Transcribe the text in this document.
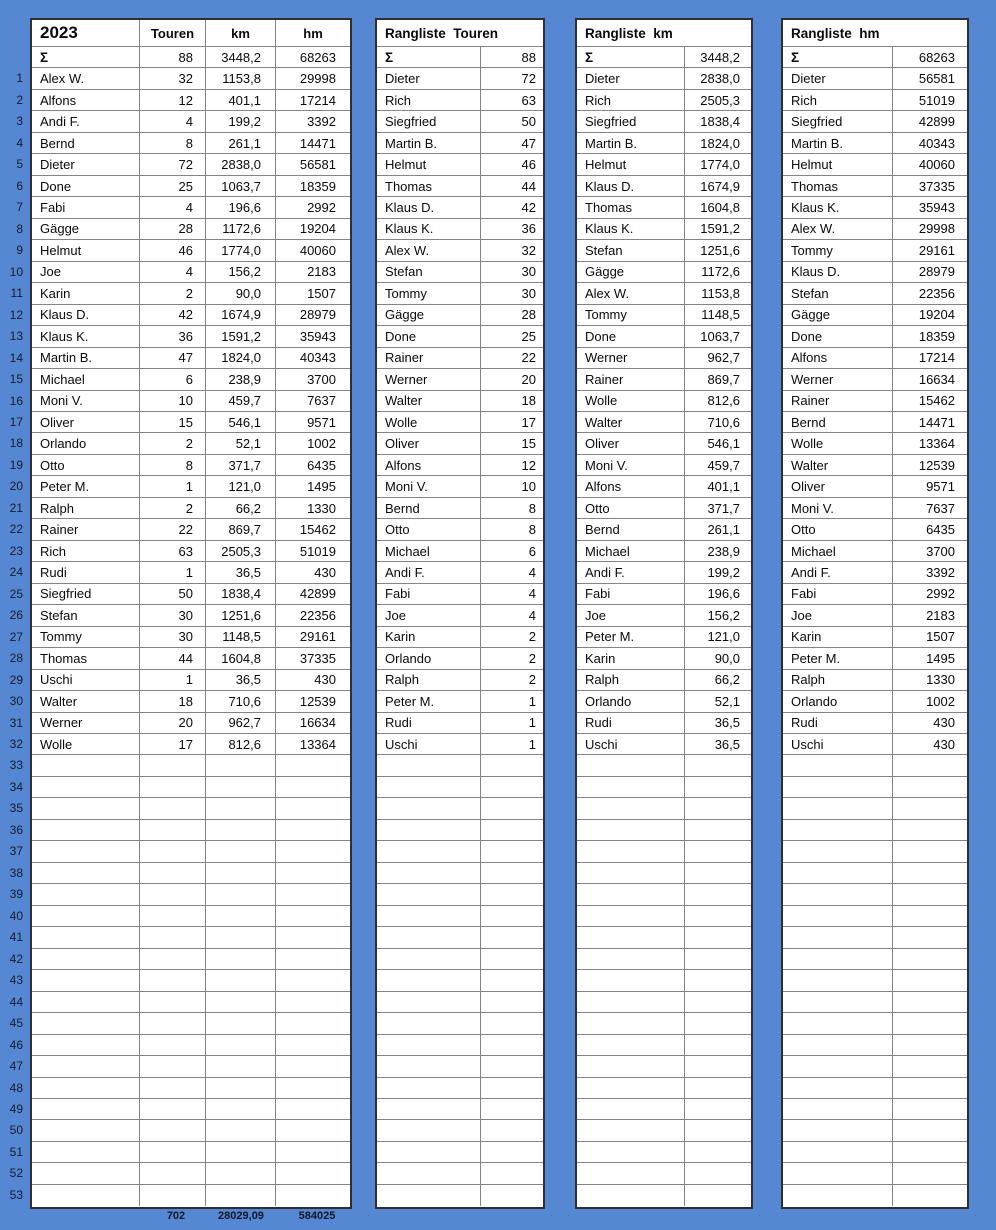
1
2
3
4
5
6
7
8
9
10
11
12
13
14
15
16
17
18
19
20
21
22
23
24
25
26
27
28
29
30
31
32
33
34
35
36
37
38
39
40
41
42
43
44
45
46
47
48
49
50
51
52
53
2023	Touren	km	hm
Σ	88	3448,2	68263
Alex W.	32	1153,8	29998
Alfons	12	401,1	17214
Andi F.	4	199,2	3392
Bernd	8	261,1	14471
Dieter	72	2838,0	56581
Done	25	1063,7	18359
Fabi	4	196,6	2992
Gägge	28	1172,6	19204
Helmut	46	1774,0	40060
Joe	4	156,2	2183
Karin	2	90,0	1507
Klaus D.	42	1674,9	28979
Klaus K.	36	1591,2	35943
Martin B.	47	1824,0	40343
Michael	6	238,9	3700
Moni V.	10	459,7	7637
Oliver	15	546,1	9571
Orlando	2	52,1	1002
Otto	8	371,7	6435
Peter M.	1	121,0	1495
Ralph	2	66,2	1330
Rainer	22	869,7	15462
Rich	63	2505,3	51019
Rudi	1	36,5	430
Siegfried	50	1838,4	42899
Stefan	30	1251,6	22356
Tommy	30	1148,5	29161
Thomas	44	1604,8	37335
Uschi	1	36,5	430
Walter	18	710,6	12539
Werner	20	962,7	16634
Wolle	17	812,6	13364
Rangliste  Touren
Σ	88
Dieter	72
Rich	63
Siegfried	50
Martin B.	47
Helmut	46
Thomas	44
Klaus D.	42
Klaus K.	36
Alex W.	32
Stefan	30
Tommy	30
Gägge	28
Done	25
Rainer	22
Werner	20
Walter	18
Wolle	17
Oliver	15
Alfons	12
Moni V.	10
Bernd	8
Otto	8
Michael	6
Andi F.	4
Fabi	4
Joe	4
Karin	2
Orlando	2
Ralph	2
Peter M.	1
Rudi	1
Uschi	1
Rangliste  km
Σ	3448,2
Dieter	2838,0
Rich	2505,3
Siegfried	1838,4
Martin B.	1824,0
Helmut	1774,0
Klaus D.	1674,9
Thomas	1604,8
Klaus K.	1591,2
Stefan	1251,6
Gägge	1172,6
Alex W.	1153,8
Tommy	1148,5
Done	1063,7
Werner	962,7
Rainer	869,7
Wolle	812,6
Walter	710,6
Oliver	546,1
Moni V.	459,7
Alfons	401,1
Otto	371,7
Bernd	261,1
Michael	238,9
Andi F.	199,2
Fabi	196,6
Joe	156,2
Peter M.	121,0
Karin	90,0
Ralph	66,2
Orlando	52,1
Rudi	36,5
Uschi	36,5
Rangliste  hm
Σ	68263
Dieter	56581
Rich	51019
Siegfried	42899
Martin B.	40343
Helmut	40060
Thomas	37335
Klaus K.	35943
Alex W.	29998
Tommy	29161
Klaus D.	28979
Stefan	22356
Gägge	19204
Done	18359
Alfons	17214
Werner	16634
Rainer	15462
Bernd	14471
Wolle	13364
Walter	12539
Oliver	9571
Moni V.	7637
Otto	6435
Michael	3700
Andi F.	3392
Fabi	2992
Joe	2183
Karin	1507
Peter M.	1495
Ralph	1330
Orlando	1002
Rudi	430
Uschi	430
702	28029,09	584025
